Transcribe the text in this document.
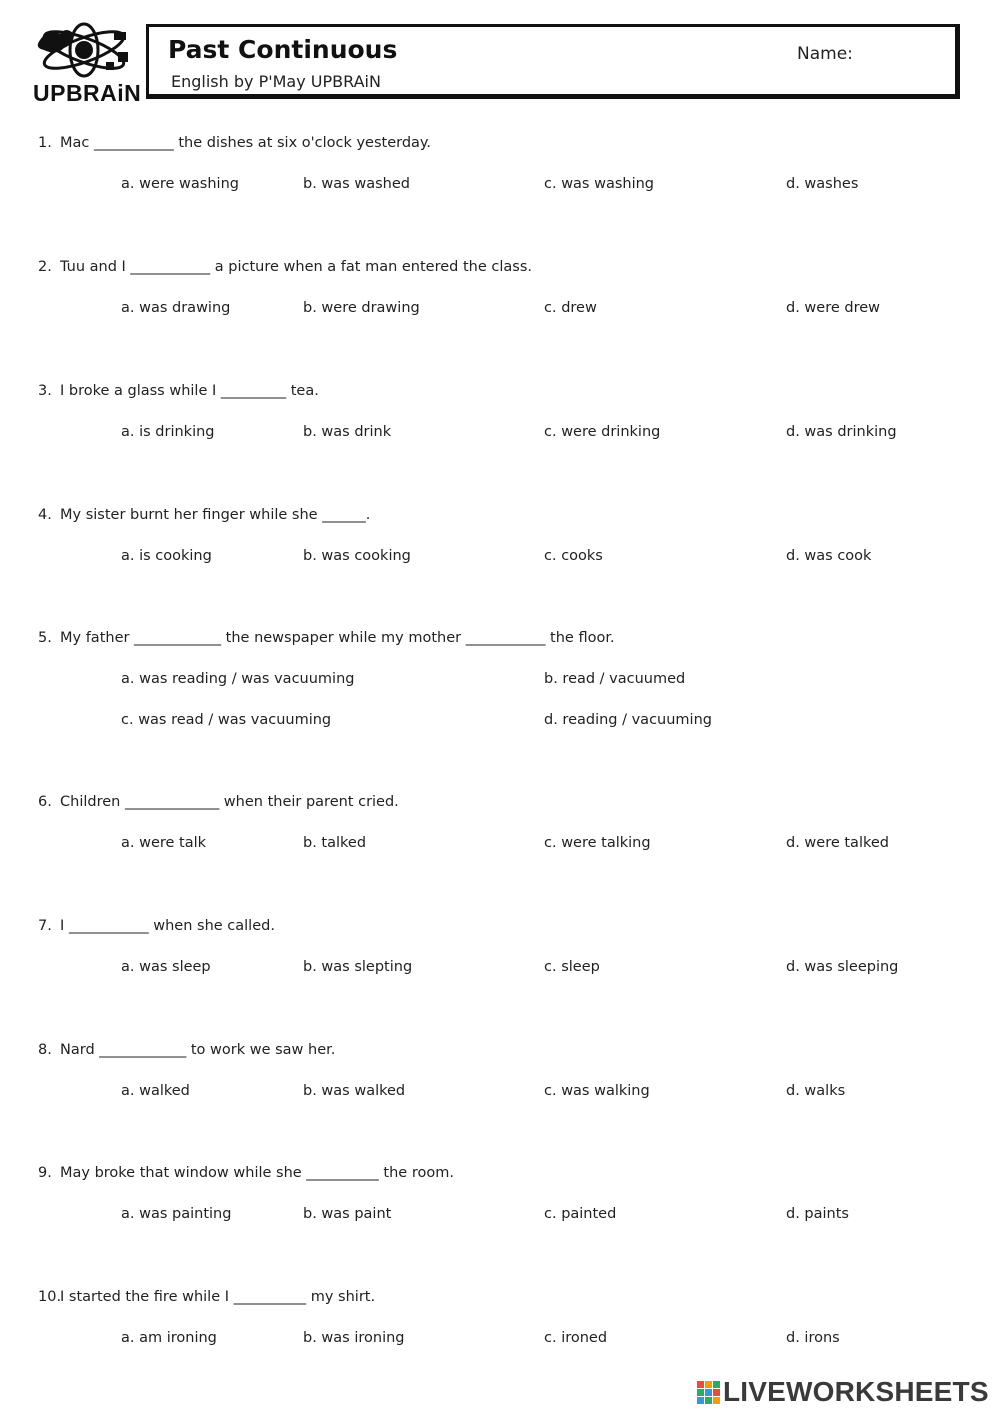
UPBRAiN
Past Continuous
English by P'May UPBRAiN
Name:
1. Mac ___________ the dishes at six o'clock yesterday.
a. were washing	b. was washed	c. was washing	d. washes
2. Tuu and I ___________ a picture when a fat man entered the class.
a. was drawing	b. were drawing	c. drew	d. were drew
3. I broke a glass while I _________ tea.
a. is drinking	b. was drink	c. were drinking	d. was drinking
4. My sister burnt her finger while she ______.
a. is cooking	b. was cooking	c. cooks	d. was cook
5. My father ____________ the newspaper while my mother ___________ the floor.
a. was reading / was vacuuming	b. read / vacuumed
c. was read / was vacuuming	d. reading / vacuuming
6. Children _____________ when their parent cried.
a. were talk	b. talked	c. were talking	d. were talked
7. I ___________ when she called.
a. was sleep	b. was slepting	c. sleep	d. was sleeping
8. Nard ____________ to work we saw her.
a. walked	b. was walked	c. was walking	d. walks
9. May broke that window while she __________ the room.
a. was painting	b. was paint	c. painted	d. paints
10.I started the fire while I __________ my shirt.
a. am ironing	b. was ironing	c. ironed	d. irons
LIVEWORKSHEETS
